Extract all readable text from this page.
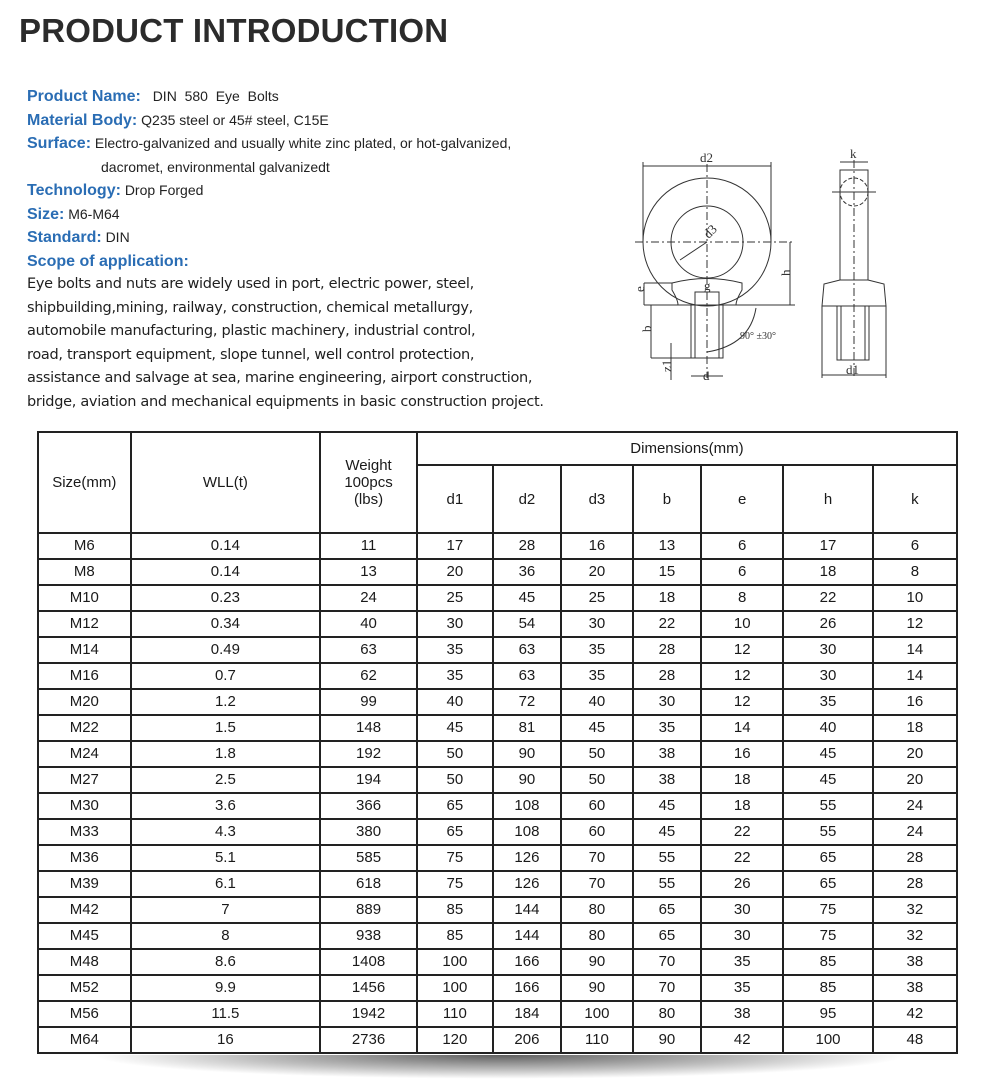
PRODUCT INTRODUCTION
Product Name: DIN  580  Eye  Bolts
Material Body: Q235 steel or 45# steel, C15E
Surface: Electro-galvanized and usually white zinc plated, or hot-galvanized,
dacromet, environmental galvanizedt
Technology: Drop Forged
Size: M6-M64
Standard: DIN
Scope of application:
Eye bolts and nuts are widely used in port, electric power, steel,
shipbuilding,mining, railway, construction, chemical metallurgy,
automobile manufacturing, plastic machinery, industrial control,
road, transport equipment, slope tunnel, well control protection,
assistance and salvage at sea, marine engineering, airport construction,
bridge, aviation and mechanical equipments in basic construction project.
d2
d3
h
e	g
b
z1
d
90° ±30°
k
d1
Size(mm)	WLL(t)	Weight
100pcs
(lbs)	Dimensions(mm)						
			d1	d2	d3	b	e	h	k
M6	0.14	11	17	28	16	13	6	17	6
M8	0.14	13	20	36	20	15	6	18	8
M10	0.23	24	25	45	25	18	8	22	10
M12	0.34	40	30	54	30	22	10	26	12
M14	0.49	63	35	63	35	28	12	30	14
M16	0.7	62	35	63	35	28	12	30	14
M20	1.2	99	40	72	40	30	12	35	16
M22	1.5	148	45	81	45	35	14	40	18
M24	1.8	192	50	90	50	38	16	45	20
M27	2.5	194	50	90	50	38	18	45	20
M30	3.6	366	65	108	60	45	18	55	24
M33	4.3	380	65	108	60	45	22	55	24
M36	5.1	585	75	126	70	55	22	65	28
M39	6.1	618	75	126	70	55	26	65	28
M42	7	889	85	144	80	65	30	75	32
M45	8	938	85	144	80	65	30	75	32
M48	8.6	1408	100	166	90	70	35	85	38
M52	9.9	1456	100	166	90	70	35	85	38
M56	11.5	1942	110	184	100	80	38	95	42
M64	16	2736	120	206	110	90	42	100	48
